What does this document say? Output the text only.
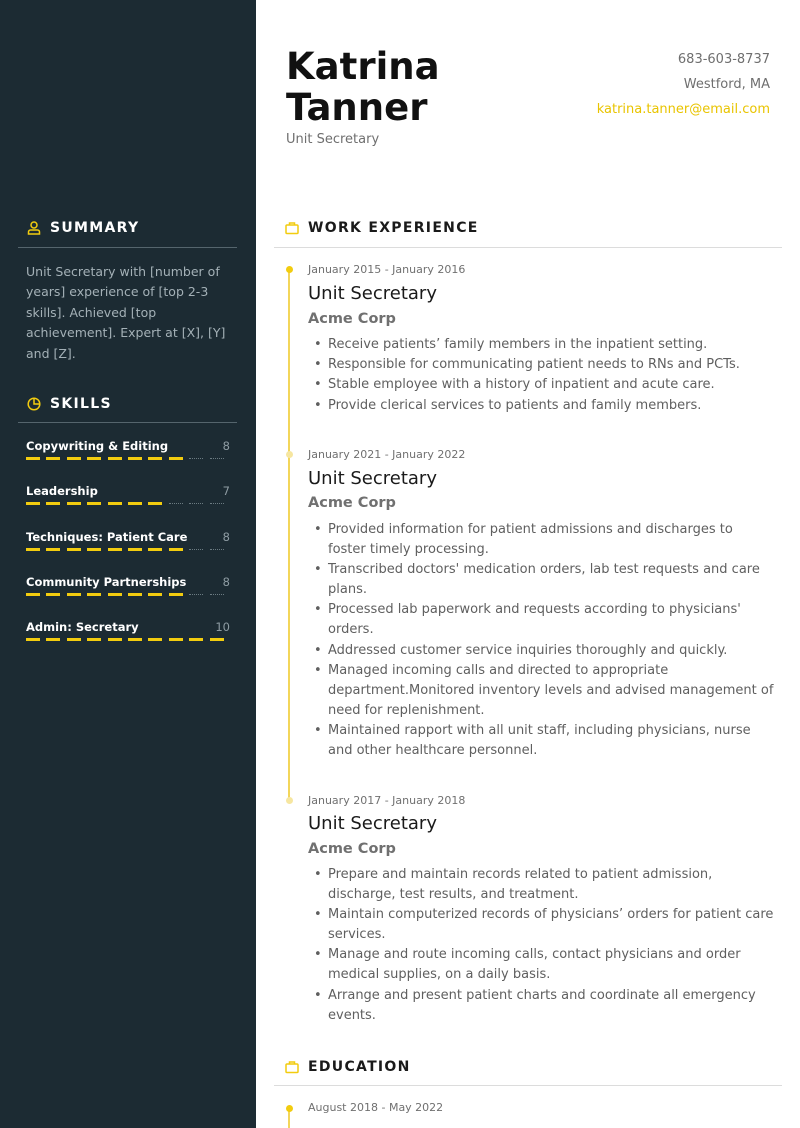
SUMMARY
Unit Secretary with [number of years] experience of [top 2-3 skills]. Achieved [top achievement]. Expert at [X], [Y] and [Z].
SKILLS
Copywriting & Editing	8
Leadership	7
Techniques: Patient Care	8
Community Partnerships	8
Admin: Secretary	10
Katrina
Tanner
Unit Secretary
683-603-8737
Westford, MA
katrina.tanner@email.com
WORK EXPERIENCE
January 2015 - January 2016
Unit Secretary
Acme Corp
• Receive patients’ family members in the inpatient setting.
• Responsible for communicating patient needs to RNs and PCTs.
• Stable employee with a history of inpatient and acute care.
• Provide clerical services to patients and family members.
January 2021 - January 2022
Unit Secretary
Acme Corp
• Provided information for patient admissions and discharges to foster timely processing.
• Transcribed doctors' medication orders, lab test requests and care plans.
• Processed lab paperwork and requests according to physicians' orders.
• Addressed customer service inquiries thoroughly and quickly.
• Managed incoming calls and directed to appropriate department.Monitored inventory levels and advised management of need for replenishment.
• Maintained rapport with all unit staff, including physicians, nurse and other healthcare personnel.
January 2017 - January 2018
Unit Secretary
Acme Corp
• Prepare and maintain records related to patient admission, discharge, test results, and treatment.
• Maintain computerized records of physicians’ orders for patient care services.
• Manage and route incoming calls, contact physicians and order medical supplies, on a daily basis.
• Arrange and present patient charts and coordinate all emergency events.
EDUCATION
August 2018 - May 2022
